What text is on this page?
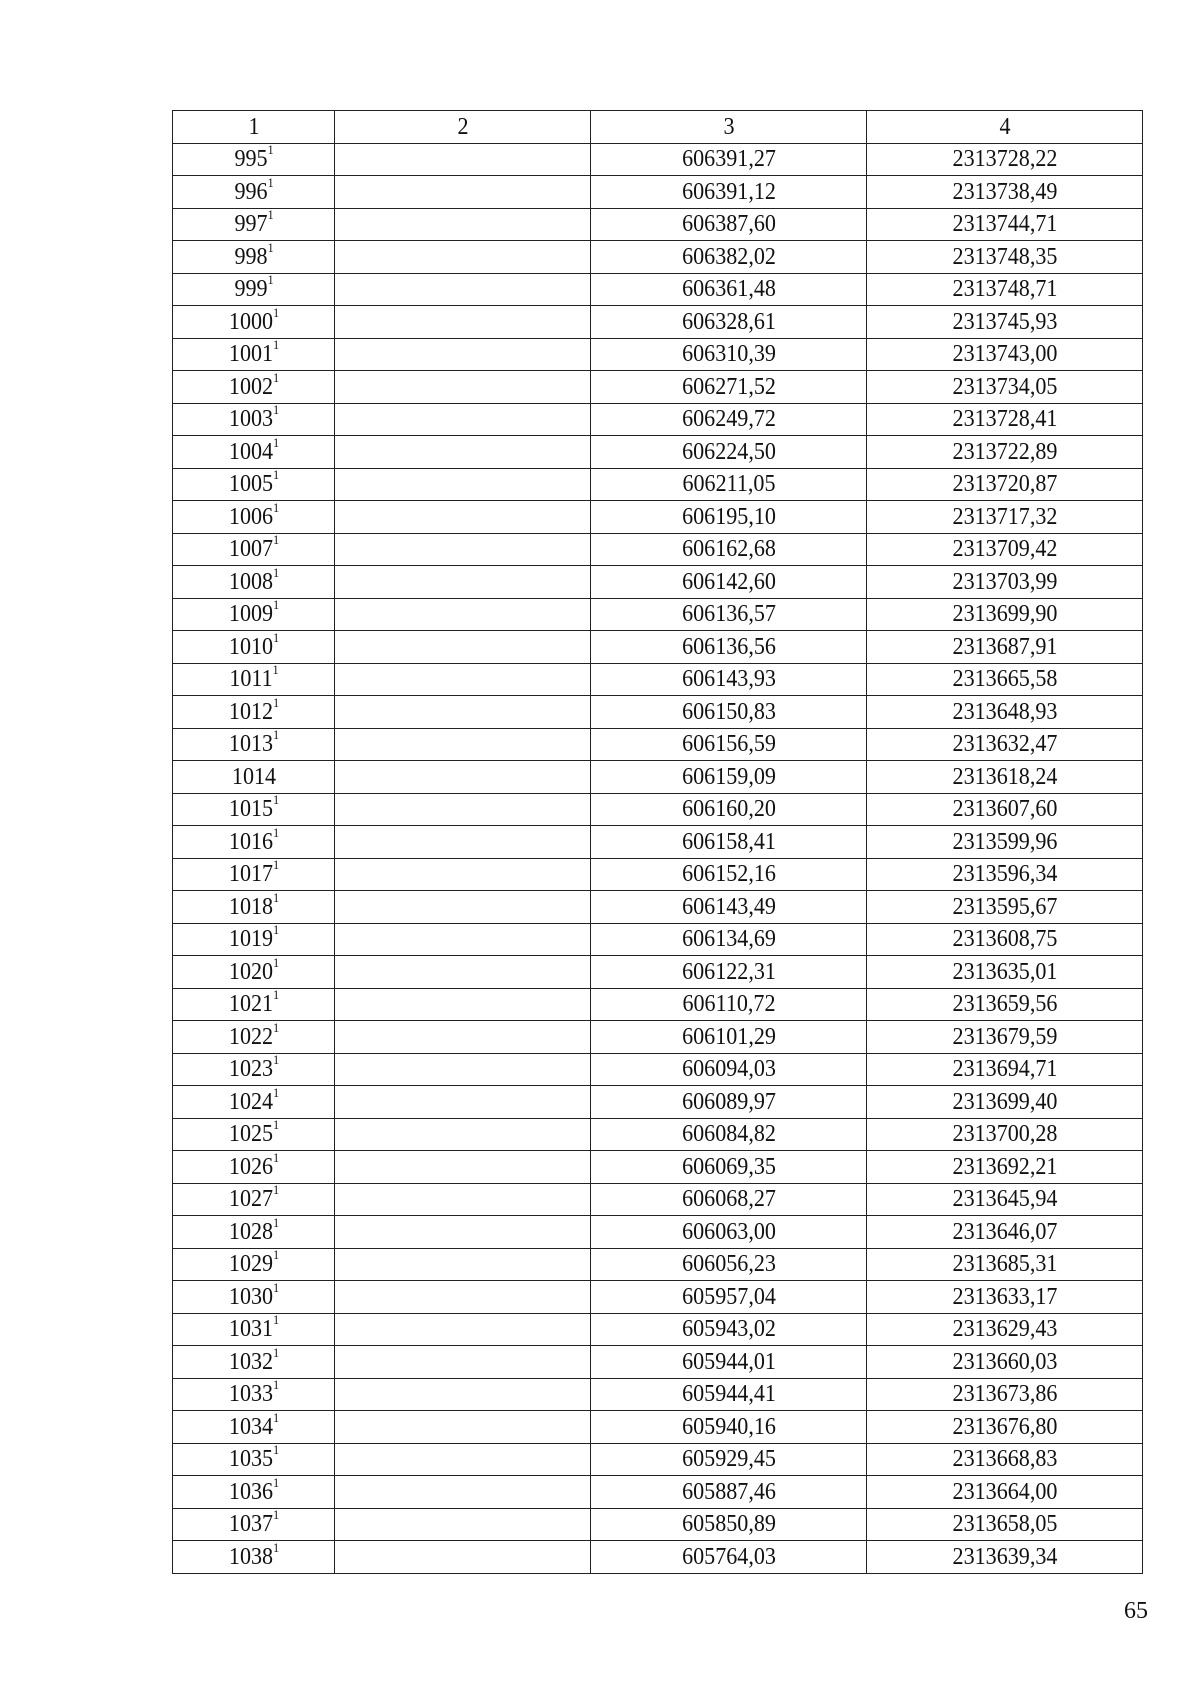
1	2	3	4
$995^1$		606391,27	2313728,22
$996^1$		606391,12	2313738,49
$997^1$		606387,60	2313744,71
$998^1$		606382,02	2313748,35
$999^1$		606361,48	2313748,71
1000$^1$		606328,61	2313745,93
1001$^1$		606310,39	2313743,00
1002$^1$		606271,52	2313734,05
1003$^1$		606249,72	2313728,41
1004$^1$		606224,50	2313722,89
1005$^1$		606211,05	2313720,87
1006$^1$		606195,10	2313717,32
1007$^1$		606162,68	2313709,42
1008$^1$		606142,60	2313703,99
1009$^1$		606136,57	2313699,90
1010$^1$		606136,56	2313687,91
1011$^1$		606143,93	2313665,58
1012$^1$		606150,83	2313648,93
1013$^1$		606156,59	2313632,47
1014		606159,09	2313618,24
1015$^1$		606160,20	2313607,60
1016$^1$		606158,41	2313599,96
1017$^1$		606152,16	2313596,34
1018$^1$		606143,49	2313595,67
1019$^1$		606134,69	2313608,75
1020$^1$		606122,31	2313635,01
1021$^1$		606110,72	2313659,56
1022$^1$		606101,29	2313679,59
1023$^1$		606094,03	2313694,71
1024$^1$		606089,97	2313699,40
1025$^1$		606084,82	2313700,28
1026$^1$		606069,35	2313692,21
1027$^1$		606068,27	2313645,94
1028$^1$		606063,00	2313646,07
1029$^1$		606056,23	2313685,31
1030$^1$		605957,04	2313633,17
1031$^1$		605943,02	2313629,43
1032$^1$		605944,01	2313660,03
1033$^1$		605944,41	2313673,86
1034$^1$		605940,16	2313676,80
1035$^1$		605929,45	2313668,83
1036$^1$		605887,46	2313664,00
1037$^1$		605850,89	2313658,05
1038$^1$		605764,03	2313639,34
65
